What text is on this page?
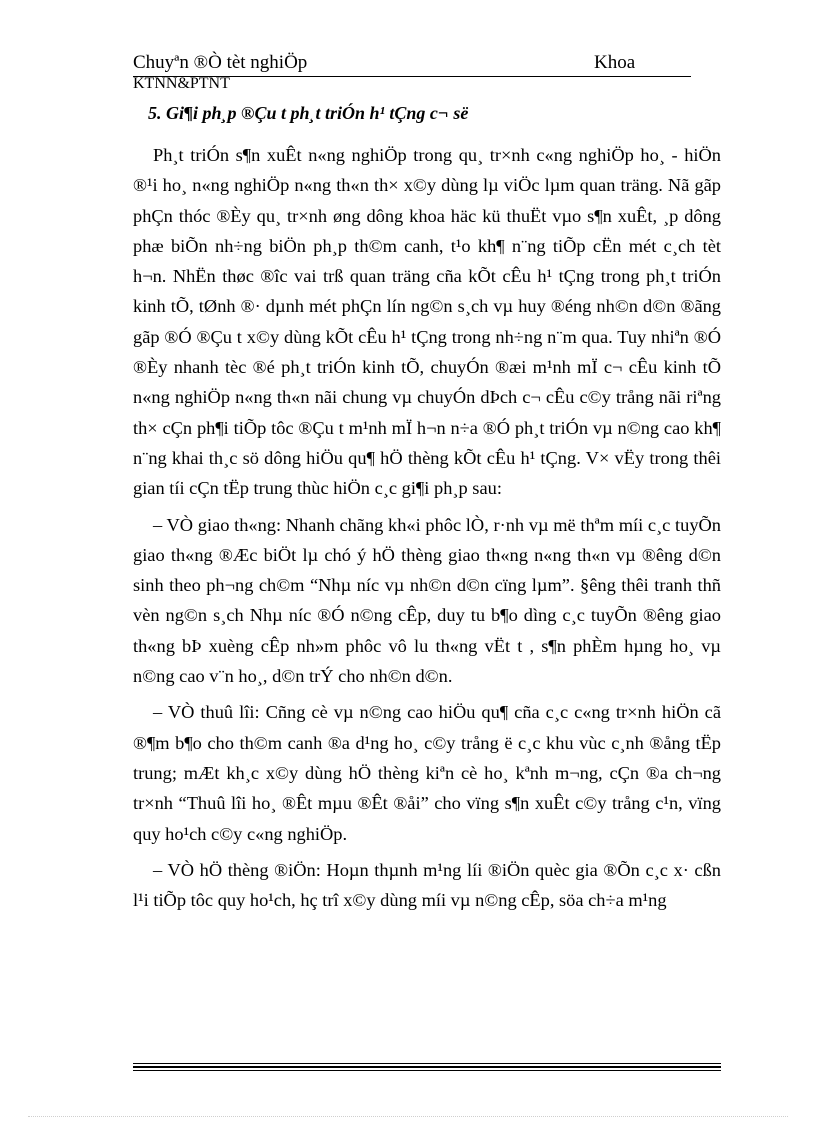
Chuyªn ®Ò tèt nghiÖp	Khoa
KTNN&PTNT
5. Gi¶i ph¸p ®Çu t ph¸t triÓn h¹ tÇng c¬ së

Ph¸t triÓn s¶n xuÊt n«ng nghiÖp trong qu¸ tr×nh c«ng nghiÖp ho¸ - hiÖn ®¹i ho¸ n«ng nghiÖp n«ng th«n th× x©y dùng lµ viÖc lµm quan träng. Nã gãp phÇn thóc ®Èy qu¸ tr×nh øng dông khoa häc kü thuËt vµo s¶n xuÊt, ¸p dông phæ biÕn nh÷ng biÖn ph¸p th©m canh, t¹o kh¶ n¨ng tiÕp cËn mét c¸ch tèt h¬n. NhËn thøc ®îc vai trß quan träng cña kÕt cÊu h¹ tÇng trong ph¸t triÓn kinh tÕ, tØnh ®· dµnh mét phÇn lín ng©n s¸ch vµ huy ®éng nh©n d©n ®ãng gãp ®Ó ®Çu t x©y dùng kÕt cÊu h¹ tÇng trong nh÷ng n¨m qua. Tuy nhiªn ®Ó ®Èy nhanh tèc ®é ph¸t triÓn kinh tÕ, chuyÓn ®æi m¹nh mÏ c¬ cÊu kinh tÕ n«ng nghiÖp n«ng th«n nãi chung vµ chuyÓn dÞch c¬ cÊu c©y trång nãi riªng th× cÇn ph¶i tiÕp tôc ®Çu t m¹nh mÏ h¬n n÷a ®Ó ph¸t triÓn vµ n©ng cao kh¶ n¨ng khai th¸c sö dông hiÖu qu¶ hÖ thèng kÕt cÊu h¹ tÇng. V× vËy trong thêi gian tíi cÇn tËp trung thùc hiÖn c¸c gi¶i ph¸p sau:

– VÒ giao th«ng: Nhanh chãng kh«i phôc lÒ, r·nh vµ më thªm míi c¸c tuyÕn giao th«ng ®Æc biÖt lµ chó ý hÖ thèng giao th«ng n«ng th«n vµ ®êng d©n sinh theo ph¬ng ch©m “Nhµ níc vµ nh©n d©n cïng lµm”. §êng thêi tranh thñ vèn ng©n s¸ch Nhµ níc ®Ó n©ng cÊp, duy tu b¶o dìng c¸c tuyÕn ®êng giao th«ng bÞ xuèng cÊp nh»m phôc vô lu th«ng vËt t , s¶n phÈm hµng ho¸ vµ n©ng cao v¨n ho¸, d©n trÝ cho nh©n d©n.

– VÒ thuû lîi: Cñng cè vµ n©ng cao hiÖu qu¶ cña c¸c c«ng tr×nh hiÖn cã ®¶m b¶o cho th©m canh ®a d¹ng ho¸ c©y trång ë c¸c khu vùc c¸nh ®ång tËp trung; mÆt kh¸c x©y dùng hÖ thèng kiªn cè ho¸ kªnh m¬ng, cÇn ®a ch¬ng tr×nh “Thuû lîi ho¸ ®Êt mµu ®Êt ®åi” cho vïng s¶n xuÊt c©y trång c¹n, vïng quy ho¹ch c©y c«ng nghiÖp.

– VÒ hÖ thèng ®iÖn: Hoµn thµnh m¹ng líi ®iÖn quèc gia ®Õn c¸c x· cßn l¹i tiÕp tôc quy ho¹ch, hç trî x©y dùng míi vµ n©ng cÊp, söa ch÷a m¹ng
